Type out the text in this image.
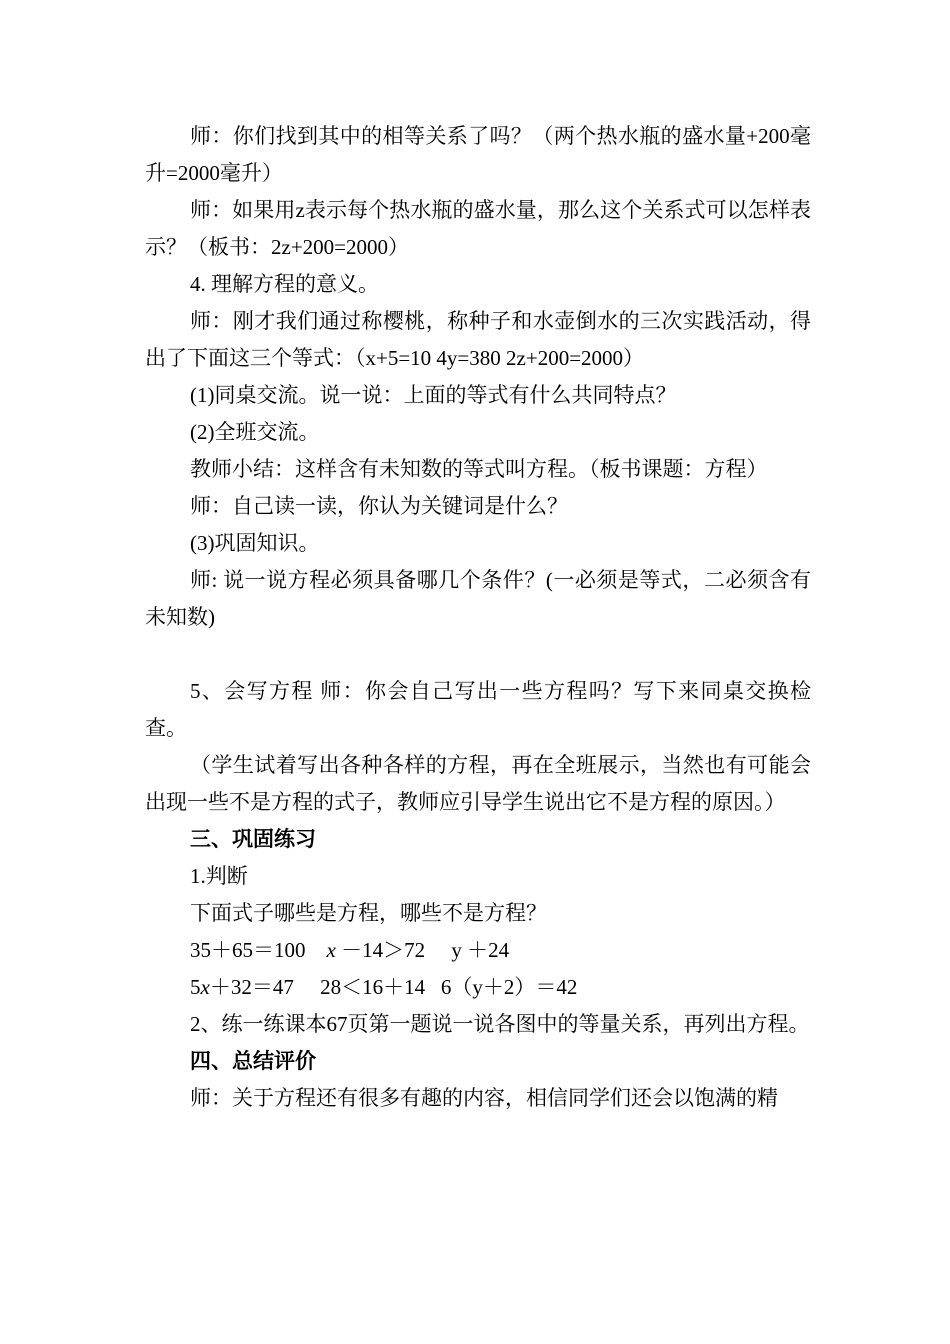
师：你们找到其中的相等关系了吗？（两个热水瓶的盛水量+200毫升=2000毫升）

师：如果用z表示每个热水瓶的盛水量，那么这个关系式可以怎样表示？（板书：2z+200=2000）

4. 理解方程的意义。

师：刚才我们通过称樱桃，称种子和水壶倒水的三次实践活动，得出了下面这三个等式：（x+5=10 4y=380 2z+200=2000）

(1)同桌交流。说一说：上面的等式有什么共同特点？

(2)全班交流。

教师小结：这样含有未知数的等式叫方程。（板书课题：方程）

师：自己读一读，你认为关键词是什么？

(3)巩固知识。

师: 说一说方程必须具备哪几个条件？(一必须是等式，二必须含有未知数)

5、会写方程 师：你会自己写出一些方程吗？写下来同桌交换检查。

（学生试着写出各种各样的方程，再在全班展示，当然也有可能会出现一些不是方程的式子，教师应引导学生说出它不是方程的原因。）

三、巩固练习

1.判断

下面式子哪些是方程，哪些不是方程？

35＋65＝100 x －14＞72 y ＋24

5x＋32＝47 28＜16＋14 6（y＋2）＝42

2、练一练课本67页第一题说一说各图中的等量关系，再列出方程。

四、总结评价

师：关于方程还有很多有趣的内容，相信同学们还会以饱满的精
